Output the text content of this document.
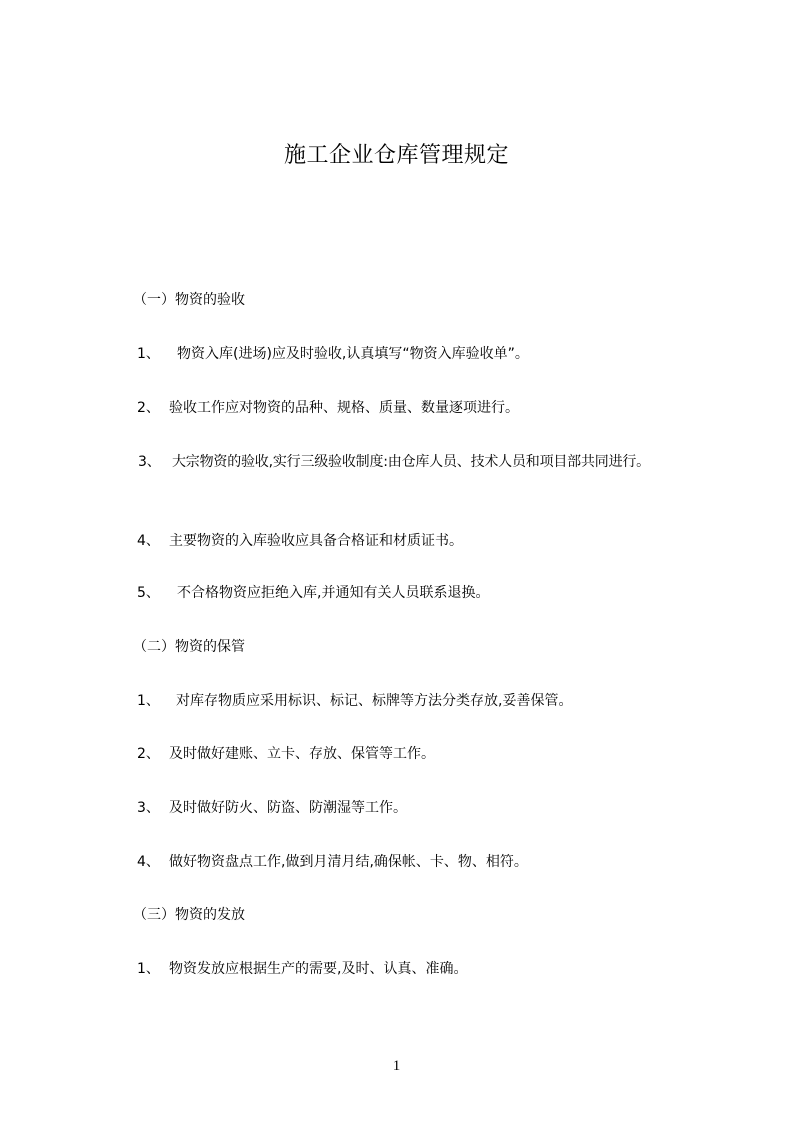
施工企业仓库管理规定
（一）物资的验收
1、 物资入库(进场)应及时验收,认真填写“物资入库验收单”。
2、 验收工作应对物资的品种、规格、质量、数量逐项进行。
3、 大宗物资的验收,实行三级验收制度:由仓库人员、技术人员和项目部共同进行。
4、 主要物资的入库验收应具备合格证和材质证书。
5、 不合格物资应拒绝入库,并通知有关人员联系退换。
（二）物资的保管
1、 对库存物质应采用标识、标记、标牌等方法分类存放,妥善保管。
2、 及时做好建账、立卡、存放、保管等工作。
3、 及时做好防火、防盗、防潮湿等工作。
4、 做好物资盘点工作,做到月清月结,确保帐、卡、物、相符。
（三）物资的发放
1、 物资发放应根据生产的需要,及时、认真、准确。
1
